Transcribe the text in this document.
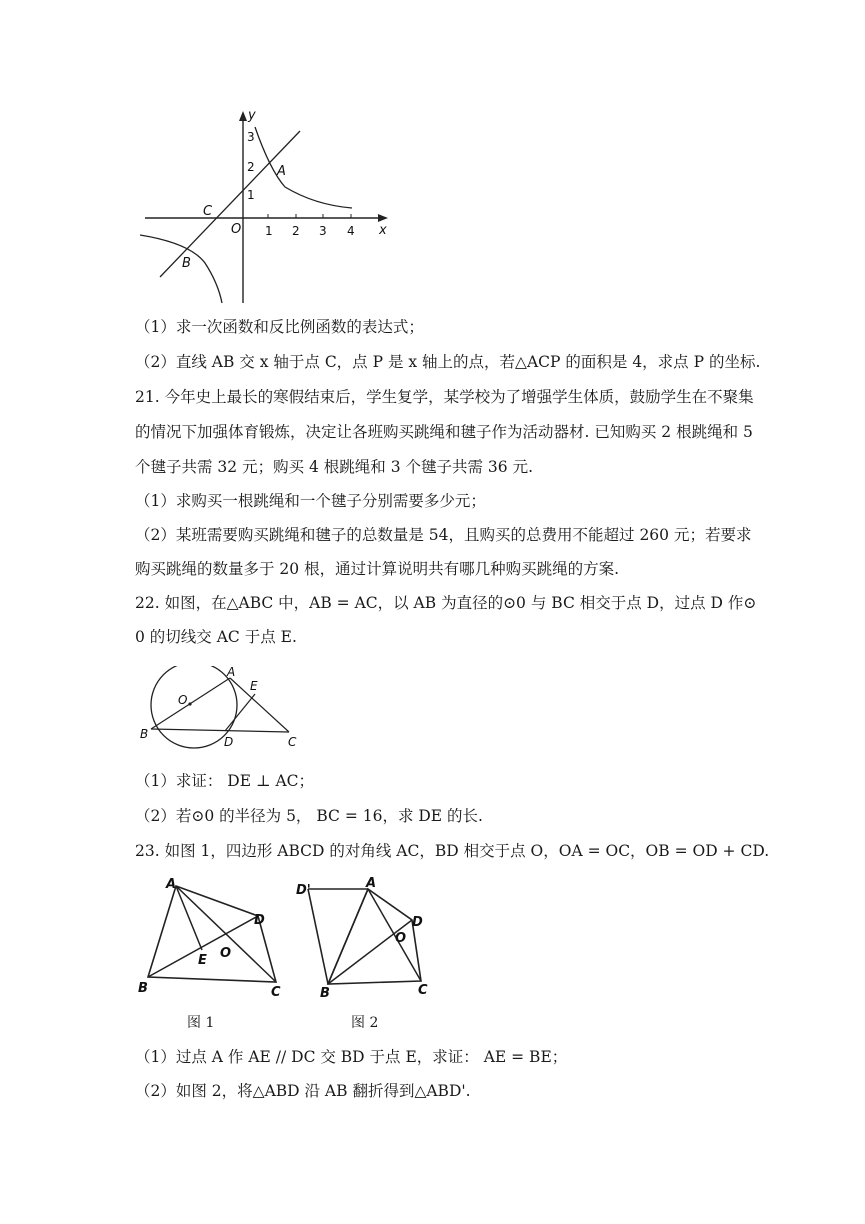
y
x
O
C
A
B
1 2 3 4
1
2
3
（1）求一次函数和反比例函数的表达式；
（2）直线 AB 交 x 轴于点 C，点 P 是 x 轴上的点，若△ACP 的面积是 4，求点 P 的坐标.
21. 今年史上最长的寒假结束后，学生复学，某学校为了增强学生体质，鼓励学生在不聚集
的情况下加强体育锻炼，决定让各班购买跳绳和毽子作为活动器材. 已知购买 2 根跳绳和 5
个毽子共需 32 元；购买 4 根跳绳和 3 个毽子共需 36 元.
（1）求购买一根跳绳和一个毽子分别需要多少元；
（2）某班需要购买跳绳和毽子的总数量是 54，且购买的总费用不能超过 260 元；若要求
购买跳绳的数量多于 20 根，通过计算说明共有哪几种购买跳绳的方案.
22. 如图，在△ABC 中，AB = AC，以 AB 为直径的⊙0 与 BC 相交于点 D，过点 D 作⊙
0 的切线交 AC 于点 E.
O
A
E
B
D	C
（1）求证： DE ⊥ AC；
（2）若⊙0 的半径为 5， BC = 16，求 DE 的长.
23. 如图 1，四边形 ABCD 的对角线 AC，BD 相交于点 O，OA = OC，OB = OD + CD.
A
D
O
E
B	C
D'	A
D
O
B	C
图 1	图 2
（1）过点 A 作 AE // DC 交 BD 于点 E，求证： AE = BE；
（2）如图 2，将△ABD 沿 AB 翻折得到△ABD'.
